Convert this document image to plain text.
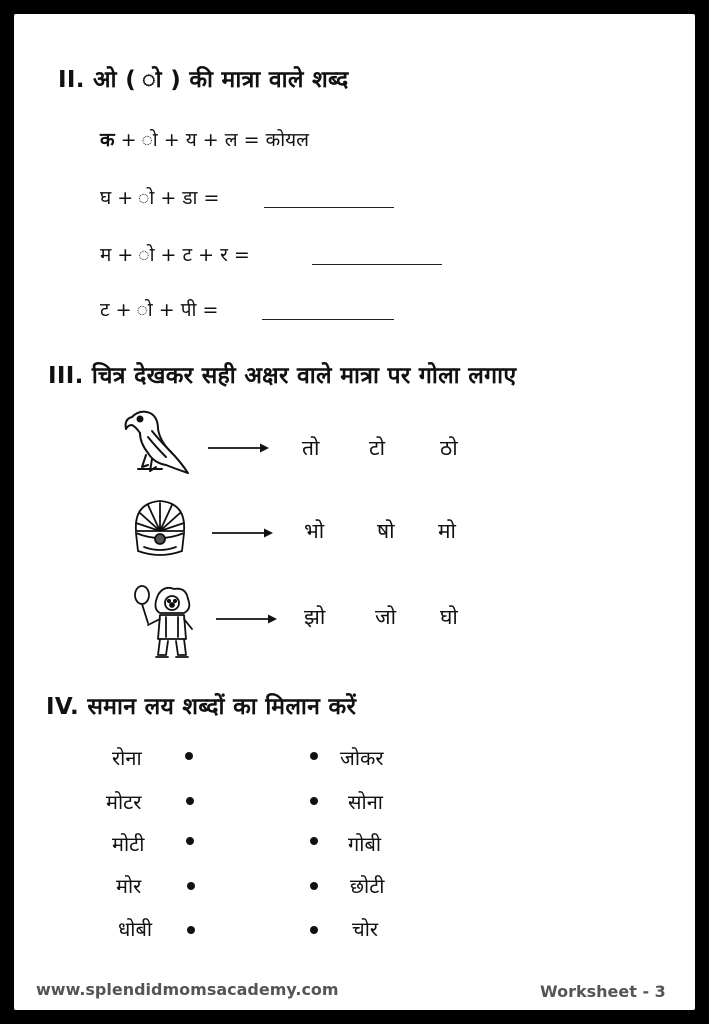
II. ओ ( ो ) की मात्रा वाले शब्द
क + ो + य + ल = कोयल
घ + ो + डा =
म + ो + ट + र =
ट + ो + पी =
III. चित्र देखकर सही अक्षर वाले मात्रा पर गोला लगाए
तो टो	ठो
भो	षो मो
झो जो घो
IV. समान लय शब्दों का मिलान करें
रोना
मोटर
मोटी
मोर
धोबी
जोकर
सोना
गोबी
छोटी
चोर
www.splendidmomsacademy.com	Worksheet - 3
